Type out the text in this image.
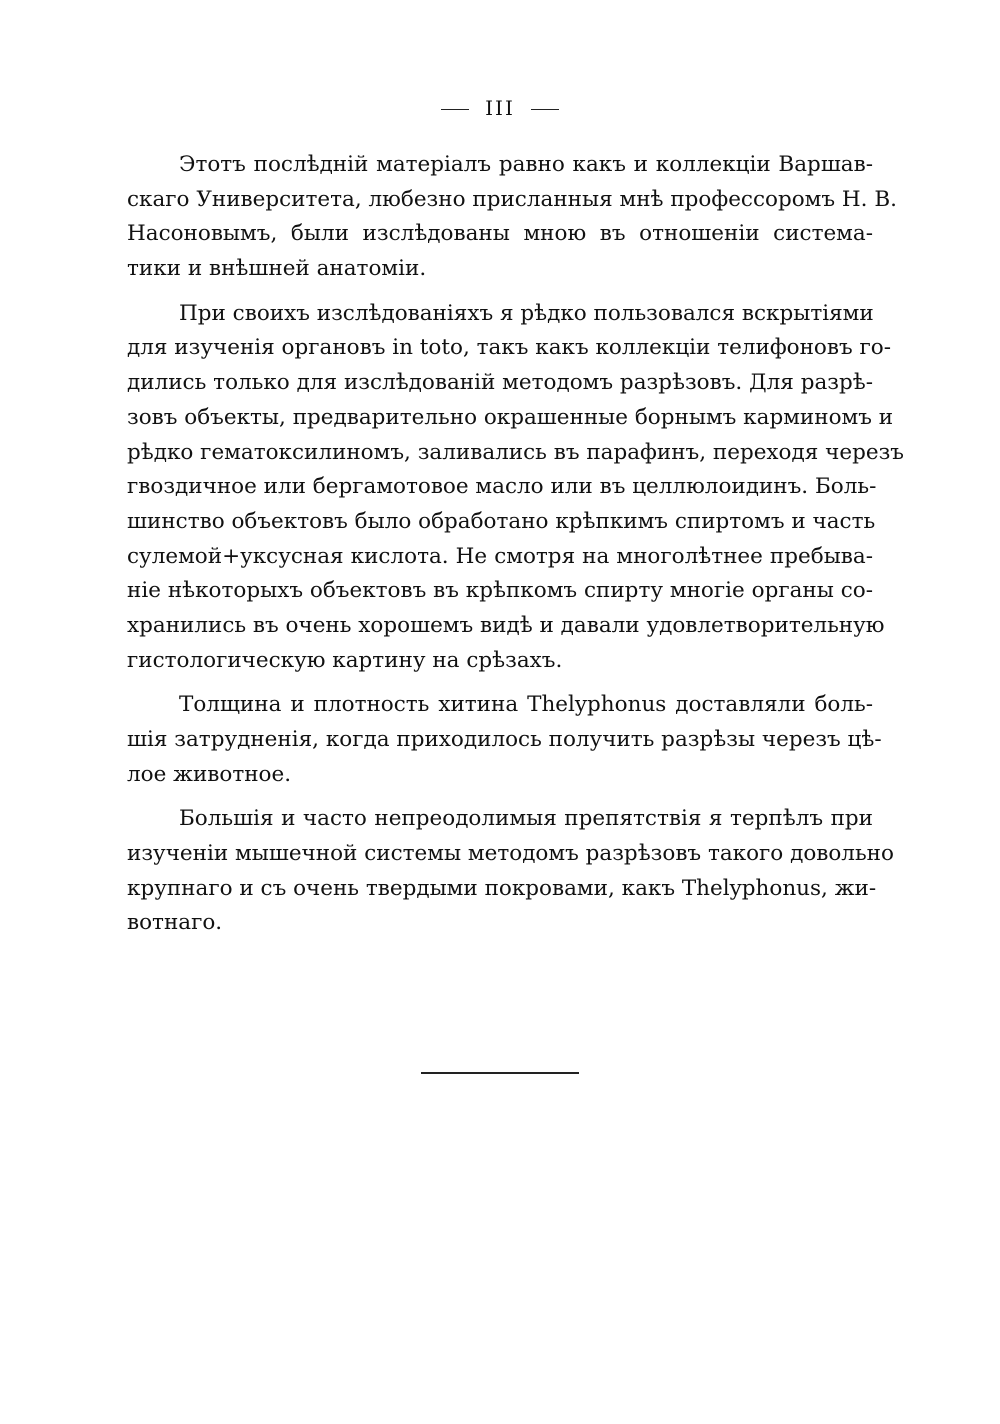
III
Этотъ послѣдній матеріалъ равно какъ и коллекціи Варшав-
скаго Университета, любезно присланныя мнѣ профессоромъ Н. В.
Насоновымъ, были изслѣдованы мною въ отношеніи система-
тики и внѣшней анатоміи.
При своихъ изслѣдованіяхъ я рѣдко пользовался вскрытіями
для изученія органовъ in toto, такъ какъ коллекціи телифоновъ го-
дились только для изслѣдованій методомъ разрѣзовъ. Для разрѣ-
зовъ объекты, предварительно окрашенные борнымъ карминомъ и
рѣдко гематоксилиномъ, заливались въ парафинъ, переходя черезъ
гвоздичное или бергамотовое масло или въ целлюлоидинъ. Боль-
шинство объектовъ было обработано крѣпкимъ спиртомъ и часть
сулемой+уксусная кислота. Не смотря на многолѣтнее пребыва-
ніе нѣкоторыхъ объектовъ въ крѣпкомъ спирту многіе органы со-
хранились въ очень хорошемъ видѣ и давали удовлетворительную
гистологическую картину на срѣзахъ.
Толщина и плотность хитина Thelyphonus доставляли боль-
шія затрудненія, когда приходилось получить разрѣзы черезъ цѣ-
лое животное.
Большія и часто непреодолимыя препятствія я терпѣлъ при
изученіи мышечной системы методомъ разрѣзовъ такого довольно
крупнаго и съ очень твердыми покровами, какъ Thelyphonus, жи-
вотнаго.
